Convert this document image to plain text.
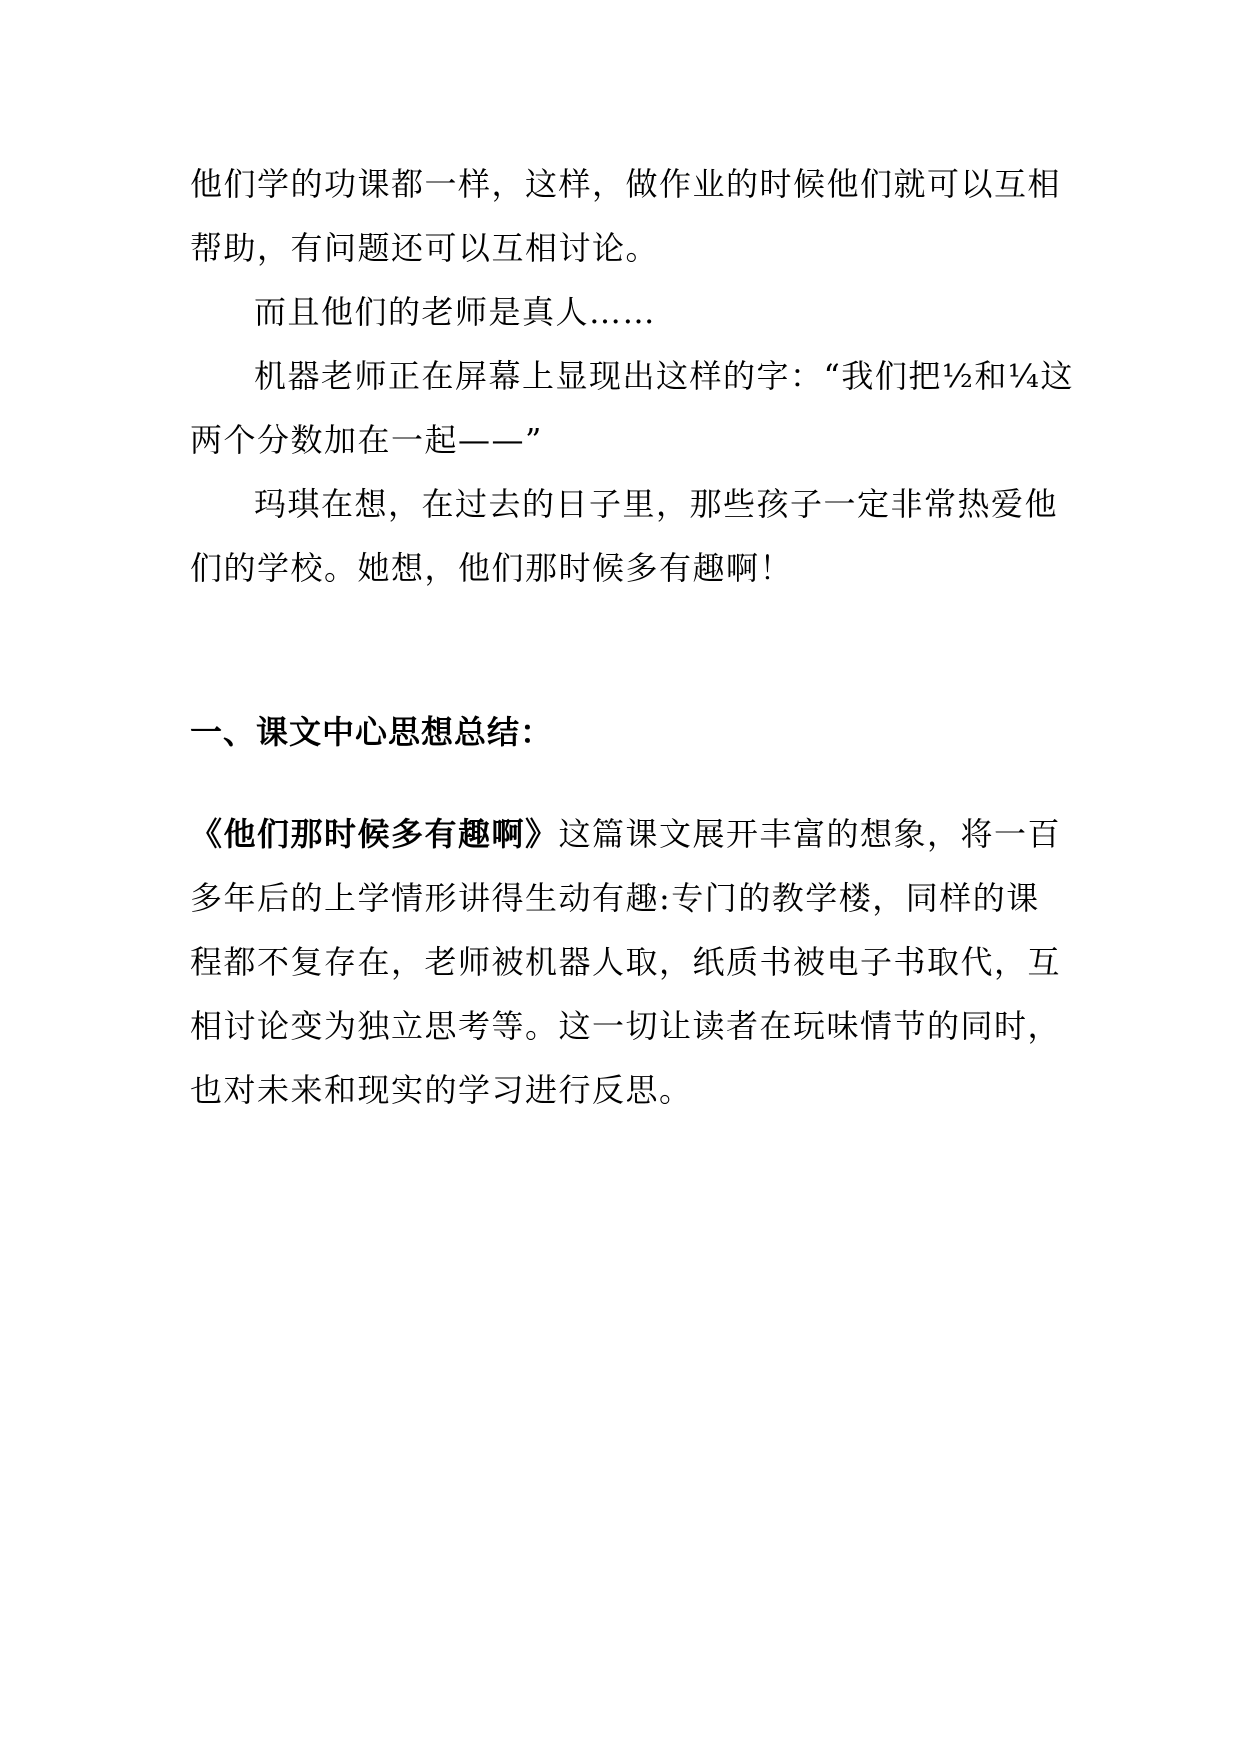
他们学的功课都一样，这样，做作业的时候他们就可以互相
帮助，有问题还可以互相讨论。
而且他们的老师是真人……
机器老师正在屏幕上显现出这样的字：“我们把½和¼这
两个分数加在一起——”
玛琪在想，在过去的日子里，那些孩子一定非常热爱他
们的学校。她想，他们那时候多有趣啊！
一、课文中心思想总结：
《他们那时候多有趣啊》这篇课文展开丰富的想象，将一百
多年后的上学情形讲得生动有趣:专门的教学楼，同样的课
程都不复存在，老师被机器人取，纸质书被电子书取代，互
相讨论变为独立思考等。这一切让读者在玩味情节的同时，
也对未来和现实的学习进行反思。
